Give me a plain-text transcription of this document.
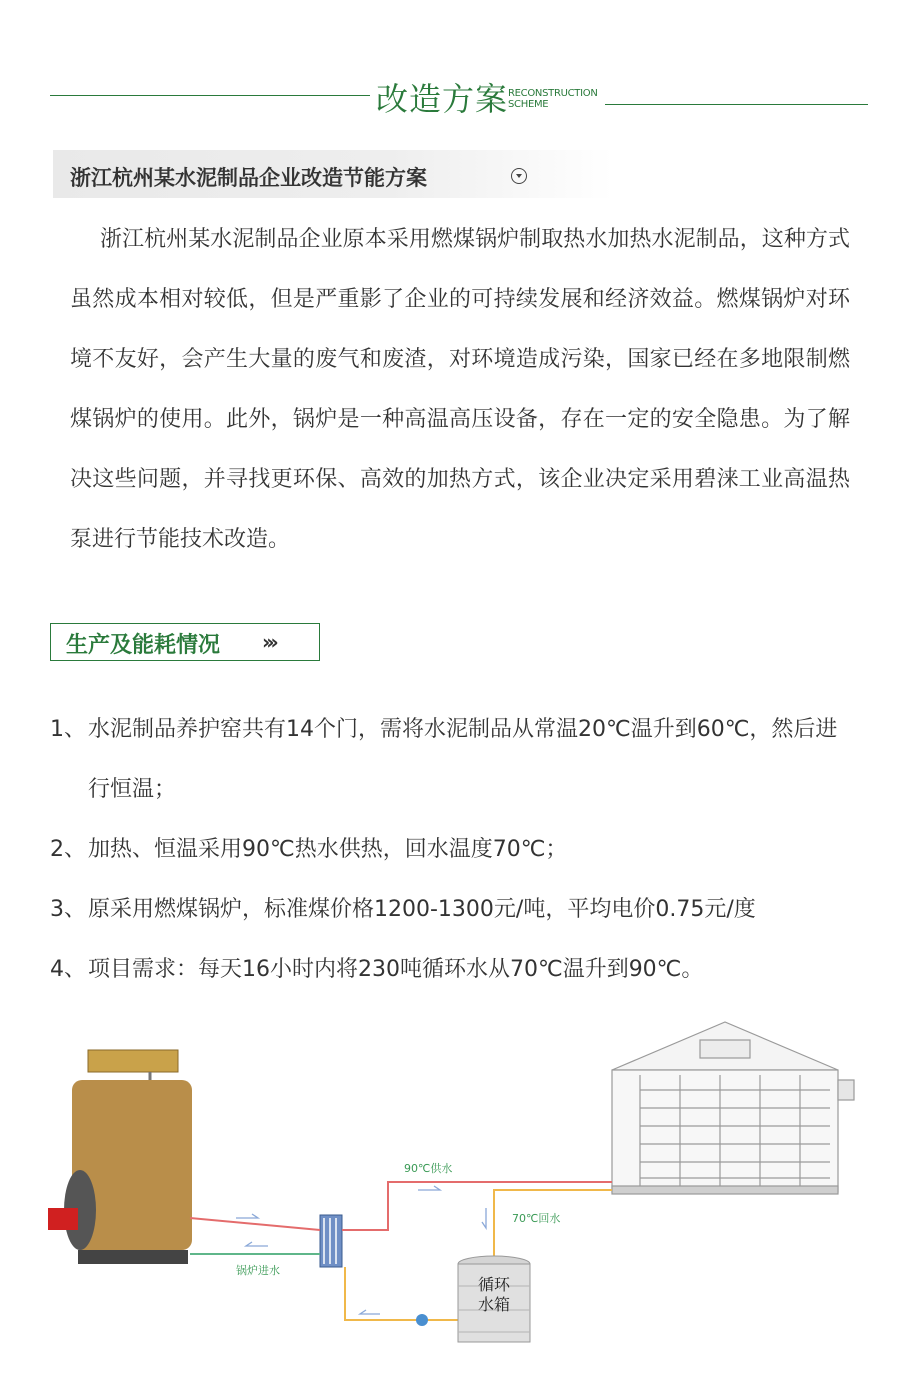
改造方案 RECONSTRUCTION
SCHEME
浙江杭州某水泥制品企业改造节能方案
浙江杭州某水泥制品企业原本采用燃煤锅炉制取热水加热水泥制品，这种方式虽然成本相对较低，但是严重影了企业的可持续发展和经济效益。燃煤锅炉对环境不友好，会产生大量的废气和废渣，对环境造成污染，国家已经在多地限制燃煤锅炉的使用。此外，锅炉是一种高温高压设备，存在一定的安全隐患。为了解决这些问题，并寻找更环保、高效的加热方式，该企业决定采用碧涞工业高温热泵进行节能技术改造。
生产及能耗情况 ›››
1、 水泥制品养护窑共有14个门，需将水泥制品从常温20℃温升到60℃，然后进行恒温；
2、 加热、恒温采用90℃热水供热，回水温度70℃；
3、 原采用燃煤锅炉，标准煤价格1200-1300元/吨，平均电价0.75元/度
4、 项目需求：每天16小时内将230吨循环水从70℃温升到90℃。
90℃供水
70℃回水
锅炉进水
循环
水箱
